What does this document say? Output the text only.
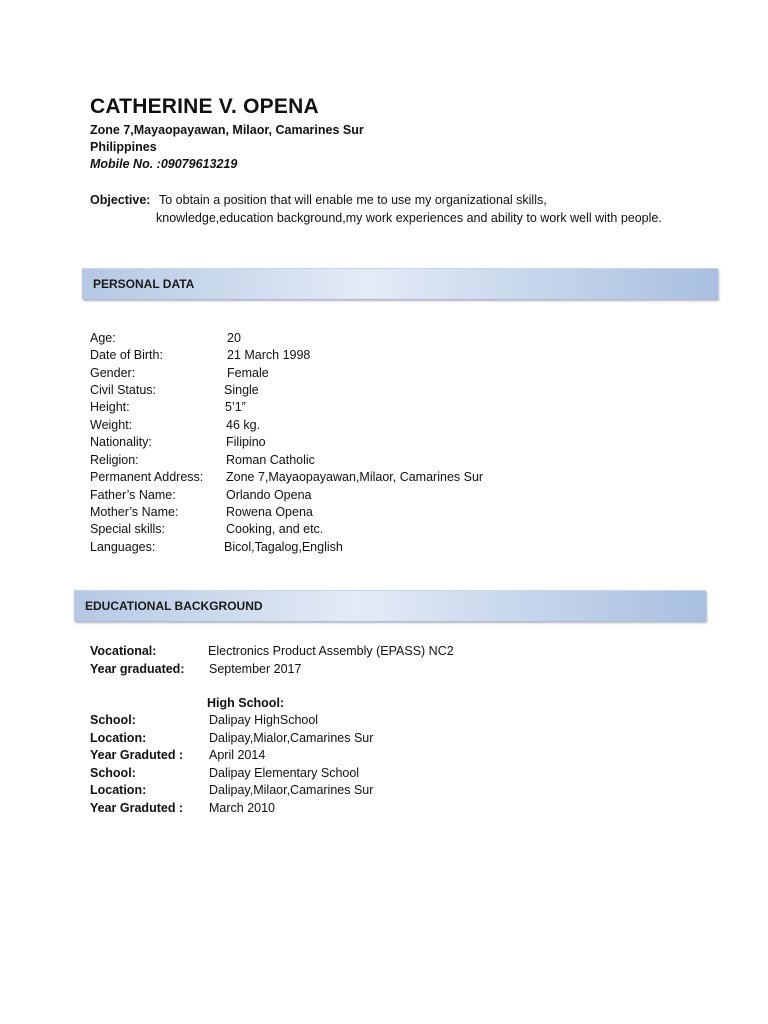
CATHERINE V. OPENA
Zone 7,Mayaopayawan, Milaor, Camarines Sur
Philippines
Mobile No. :09079613219
Objective: To obtain a position that will enable me to use my organizational skills,
knowledge,education background,my work experiences and ability to work well with people.
PERSONAL DATA
Age:	20
Date of Birth:	21 March 1998
Gender:	Female
Civil Status:	Single
Height:	5’1”
Weight:	46 kg.
Nationality:	Filipino
Religion:	Roman Catholic
Permanent Address: Zone 7,Mayaopayawan,Milaor, Camarines Sur
Father’s Name:	Orlando Opena
Mother’s Name:	Rowena Opena
Special skills:	Cooking, and etc.
Languages:	Bicol,Tagalog,English
EDUCATIONAL BACKGROUND
Vocational:	Electronics Product Assembly (EPASS) NC2
Year graduated: September 2017
High School:
School:	Dalipay HighSchool
Location:	Dalipay,Mialor,Camarines Sur
Year Graduted : April 2014
School:	Dalipay Elementary School
Location:	Dalipay,Milaor,Camarines Sur
Year Graduted : March 2010
